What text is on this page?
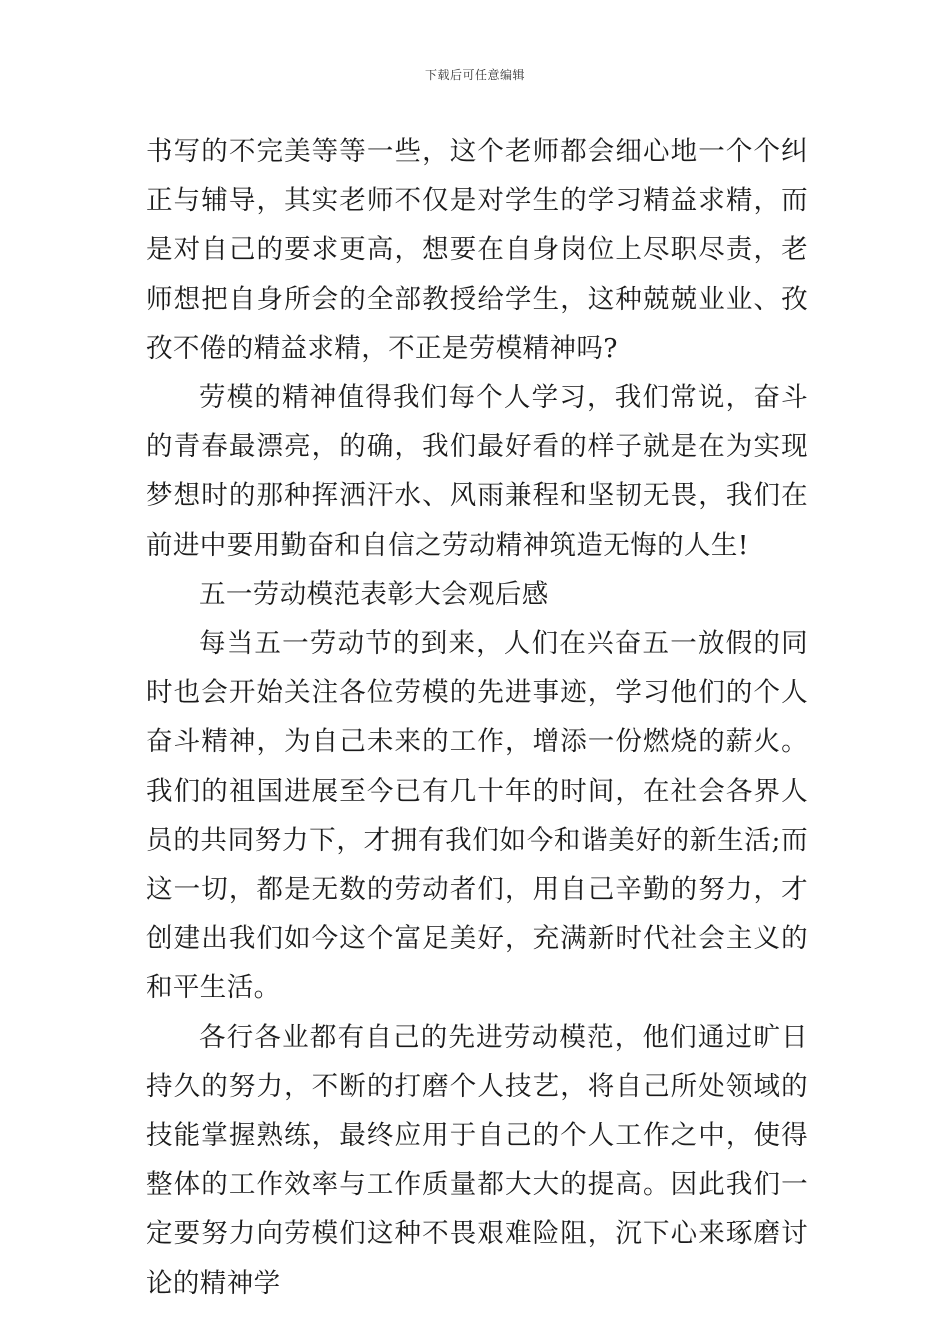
下载后可任意编辑

书写的不完美等等一些，这个老师都会细心地一个个纠正与辅导，其实老师不仅是对学生的学习精益求精，而是对自己的要求更高，想要在自身岗位上尽职尽责，老师想把自身所会的全部教授给学生，这种兢兢业业、孜孜不倦的精益求精，不正是劳模精神吗?

劳模的精神值得我们每个人学习，我们常说，奋斗的青春最漂亮，的确，我们最好看的样子就是在为实现梦想时的那种挥洒汗水、风雨兼程和坚韧无畏，我们在前进中要用勤奋和自信之劳动精神筑造无悔的人生!

五一劳动模范表彰大会观后感

每当五一劳动节的到来，人们在兴奋五一放假的同时也会开始关注各位劳模的先进事迹，学习他们的个人奋斗精神，为自己未来的工作，增添一份燃烧的薪火。我们的祖国进展至今已有几十年的时间，在社会各界人员的共同努力下，才拥有我们如今和谐美好的新生活;而这一切，都是无数的劳动者们，用自己辛勤的努力，才创建出我们如今这个富足美好，充满新时代社会主义的和平生活。

各行各业都有自己的先进劳动模范，他们通过旷日持久的努力，不断的打磨个人技艺，将自己所处领域的技能掌握熟练，最终应用于自己的个人工作之中，使得整体的工作效率与工作质量都大大的提高。因此我们一定要努力向劳模们这种不畏艰难险阻，沉下心来琢磨讨论的精神学
